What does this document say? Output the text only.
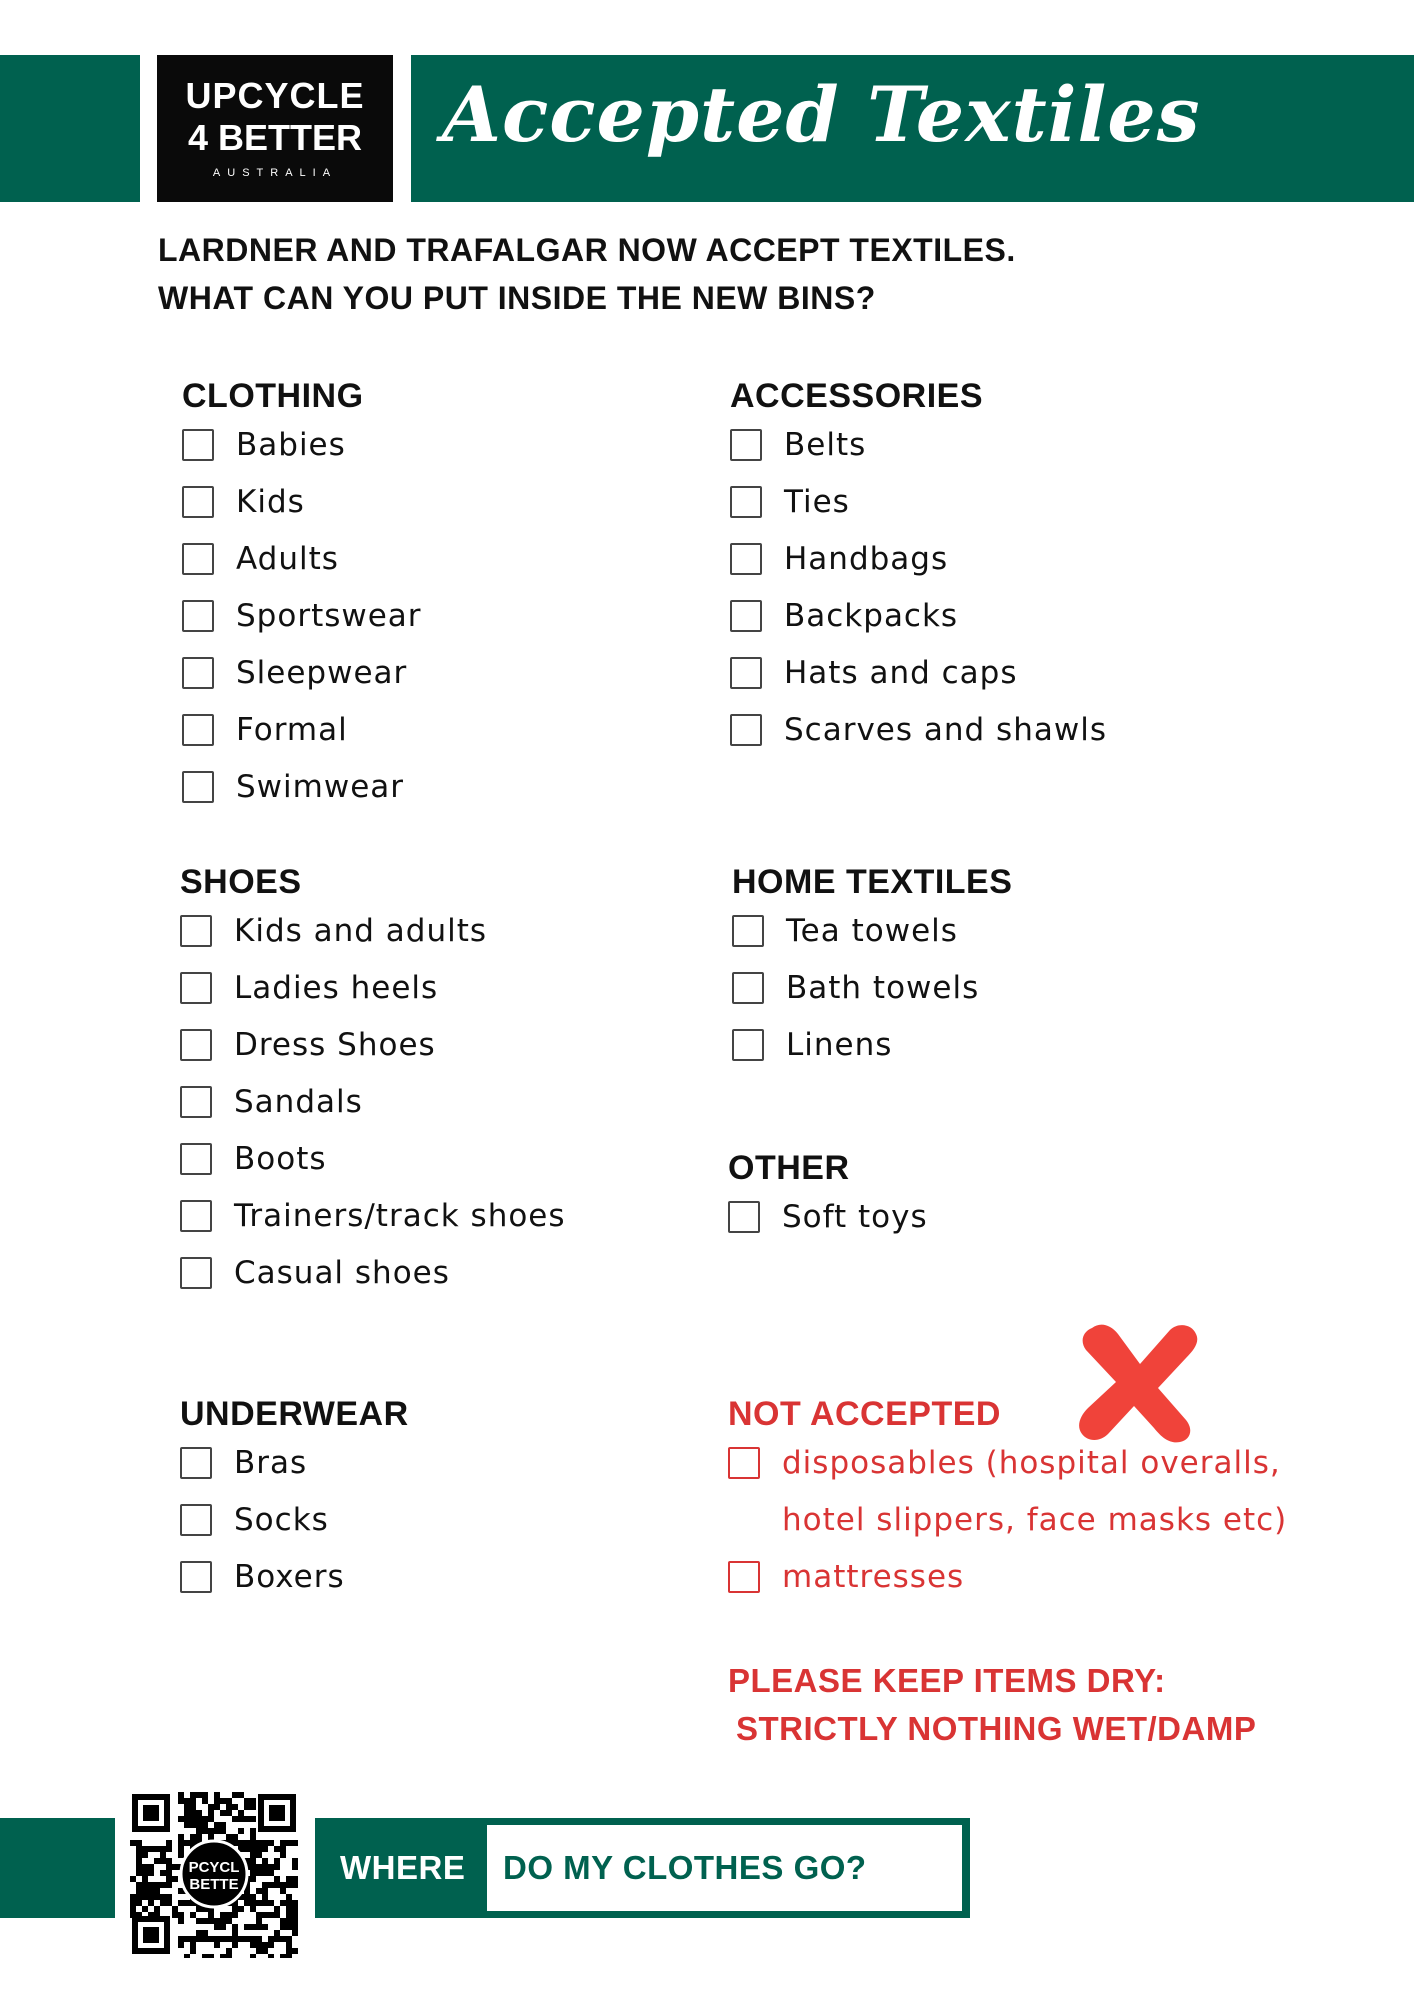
UPCYCLE
4 BETTER
AUSTRALIA
Accepted Textiles
LARDNER AND TRAFALGAR NOW ACCEPT TEXTILES.
WHAT CAN YOU PUT INSIDE THE NEW BINS?
CLOTHING
Babies
Kids
Adults
Sportswear
Sleepwear
Formal
Swimwear
ACCESSORIES
Belts
Ties
Handbags
Backpacks
Hats and caps
Scarves and shawls
SHOES
Kids and adults
Ladies heels
Dress Shoes
Sandals
Boots
Trainers/track shoes
Casual shoes
HOME TEXTILES
Tea towels
Bath towels
Linens
OTHER
Soft toys
UNDERWEAR
Bras
Socks
Boxers
NOT ACCEPTED
disposables (hospital overalls,
hotel slippers, face masks etc)
mattresses
PLEASE KEEP ITEMS DRY:
STRICTLY NOTHING WET/DAMP
PCYCL
BETTE	WHERE DO MY CLOTHES GO?
